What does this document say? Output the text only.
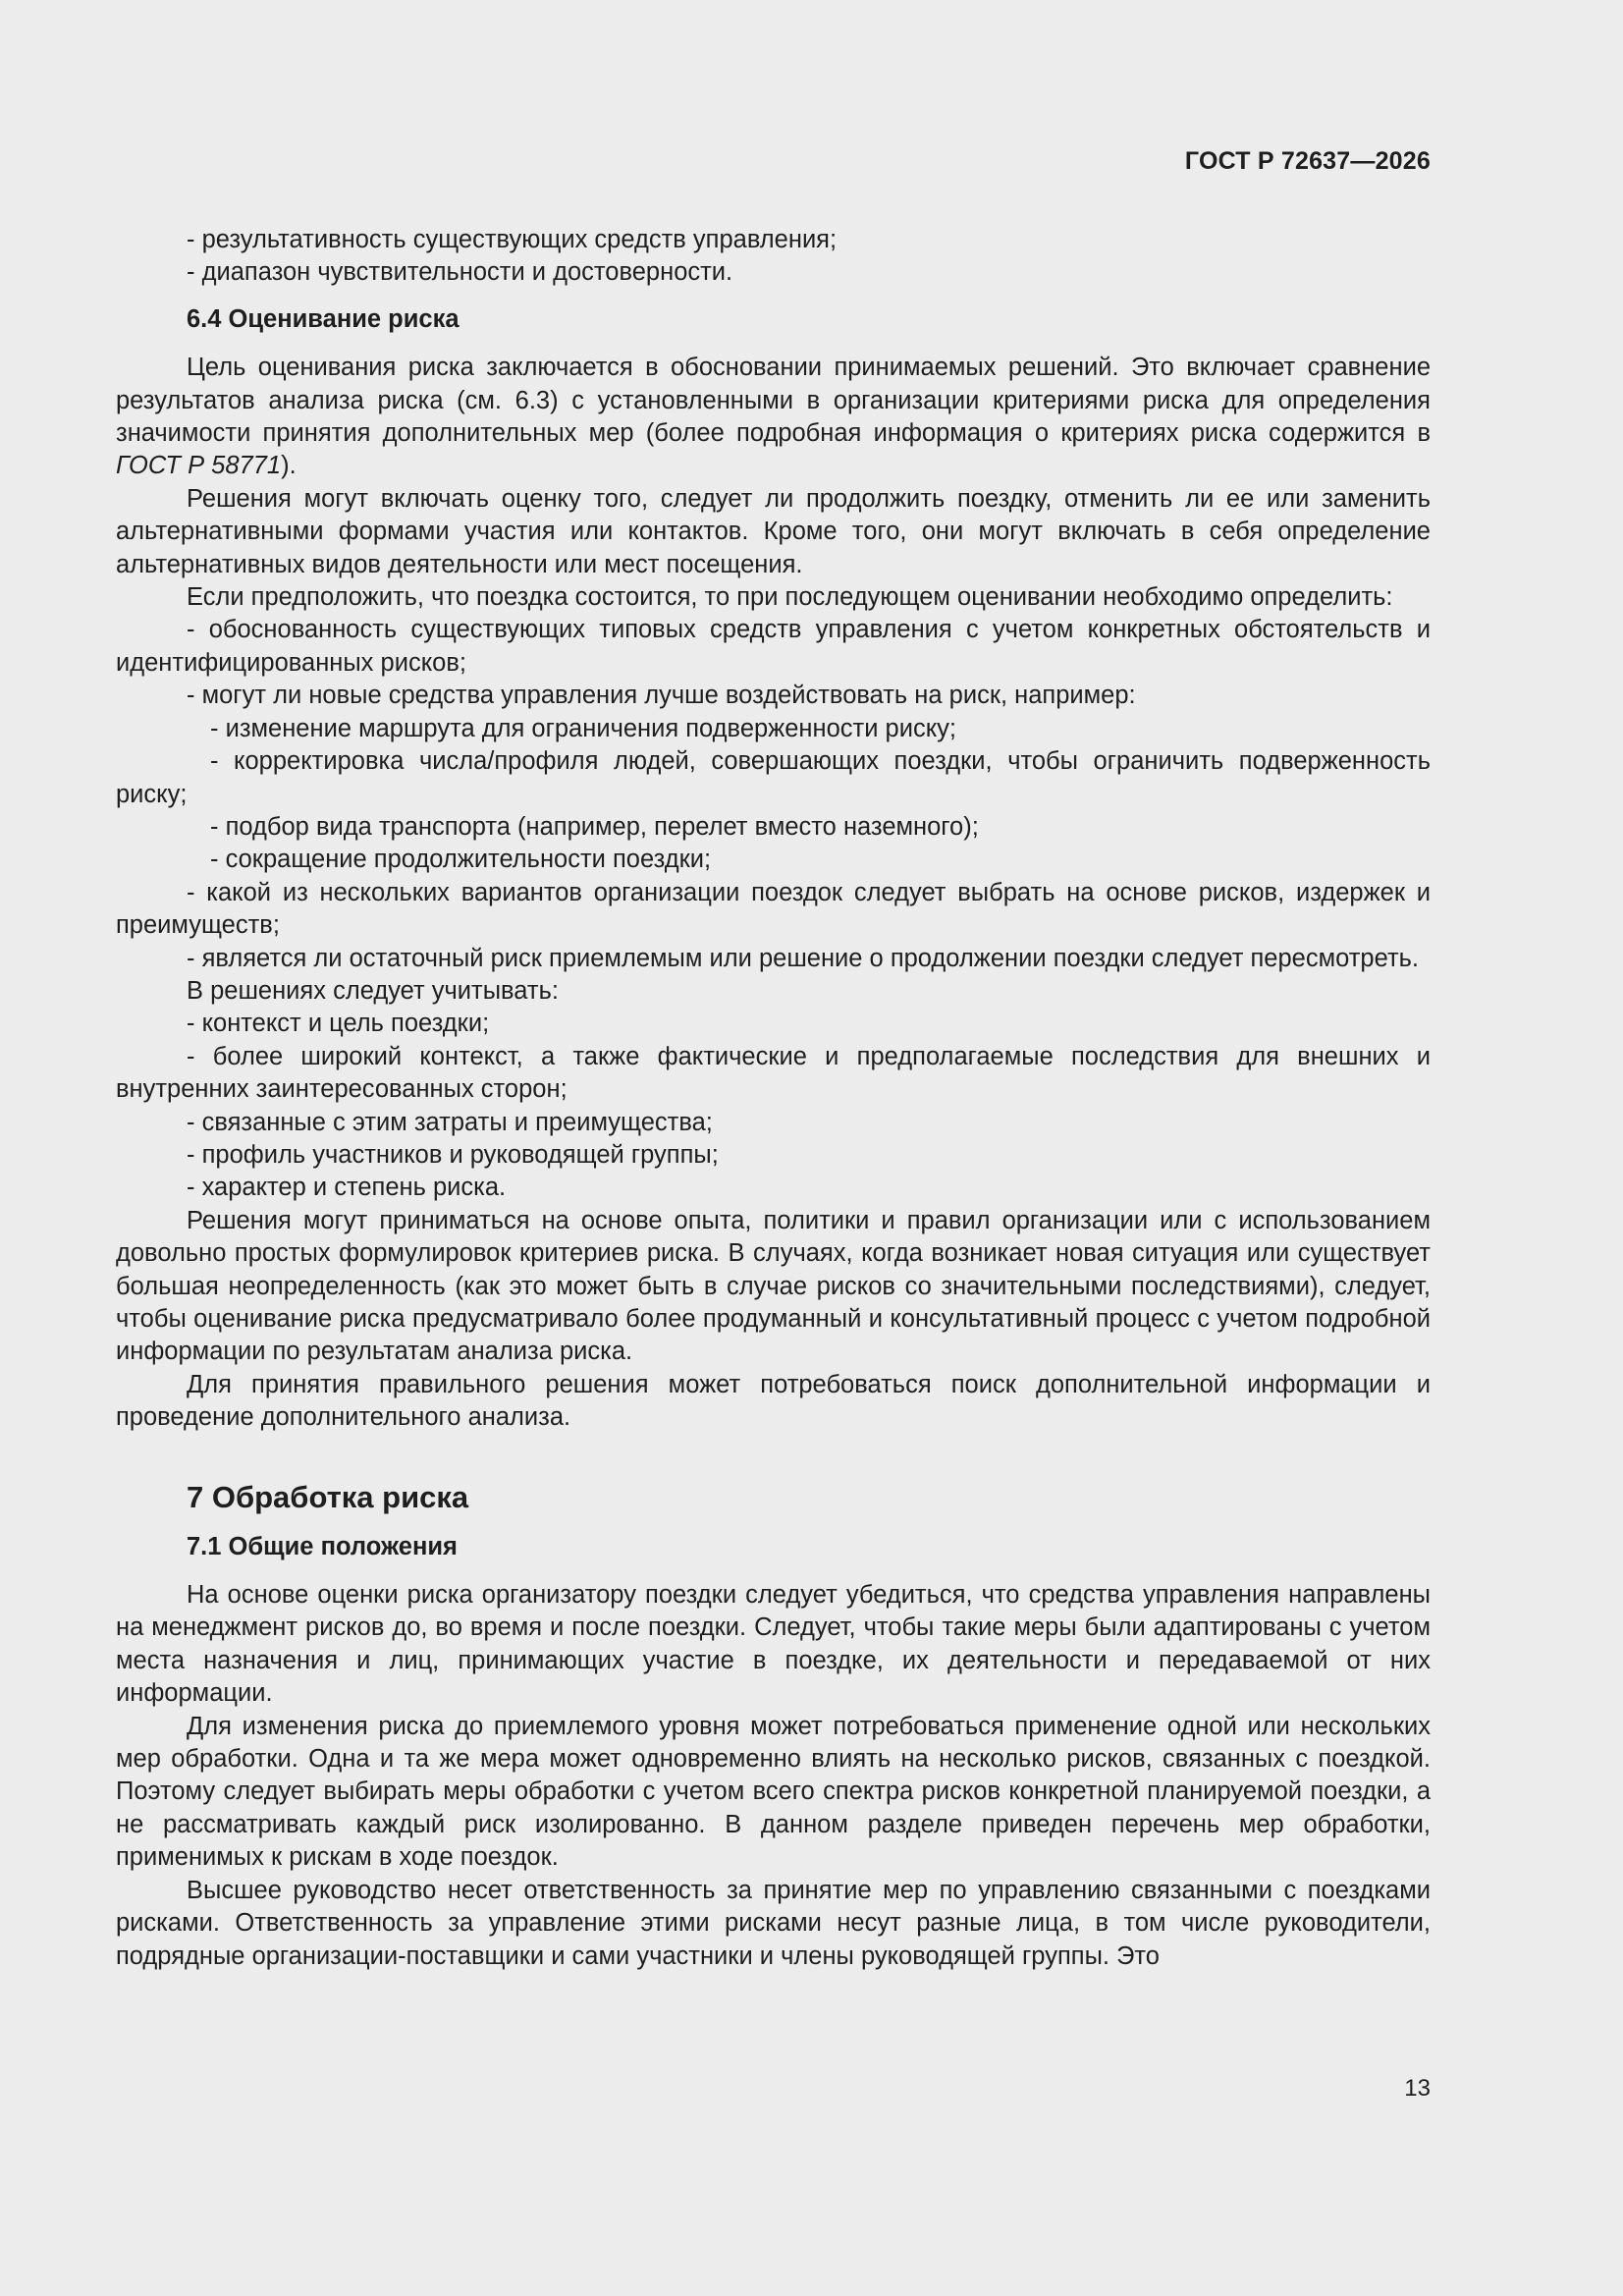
ГОСТ Р 72637—2026

- результативность существующих средств управления;

- диапазон чувствительности и достоверности.

6.4 Оценивание риска

Цель оценивания риска заключается в обосновании принимаемых решений. Это включает сравнение результатов анализа риска (см. 6.3) с установленными в организации критериями риска для определения значимости принятия дополнительных мер (более подробная информация о критериях риска содержится в ГОСТ Р 58771).

Решения могут включать оценку того, следует ли продолжить поездку, отменить ли ее или заменить альтернативными формами участия или контактов. Кроме того, они могут включать в себя определение альтернативных видов деятельности или мест посещения.

Если предположить, что поездка состоится, то при последующем оценивании необходимо определить:

- обоснованность существующих типовых средств управления с учетом конкретных обстоятельств и идентифицированных рисков;

- могут ли новые средства управления лучше воздействовать на риск, например:

- изменение маршрута для ограничения подверженности риску;

- корректировка числа/профиля людей, совершающих поездки, чтобы ограничить подверженность риску;

- подбор вида транспорта (например, перелет вместо наземного);

- сокращение продолжительности поездки;

- какой из нескольких вариантов организации поездок следует выбрать на основе рисков, издержек и преимуществ;

- является ли остаточный риск приемлемым или решение о продолжении поездки следует пересмотреть.

В решениях следует учитывать:

- контекст и цель поездки;

- более широкий контекст, а также фактические и предполагаемые последствия для внешних и внутренних заинтересованных сторон;

- связанные с этим затраты и преимущества;

- профиль участников и руководящей группы;

- характер и степень риска.

Решения могут приниматься на основе опыта, политики и правил организации или с использованием довольно простых формулировок критериев риска. В случаях, когда возникает новая ситуация или существует большая неопределенность (как это может быть в случае рисков со значительными последствиями), следует, чтобы оценивание риска предусматривало более продуманный и консультативный процесс с учетом подробной информации по результатам анализа риска.

Для принятия правильного решения может потребоваться поиск дополнительной информации и проведение дополнительного анализа.

7 Обработка риска

7.1 Общие положения

На основе оценки риска организатору поездки следует убедиться, что средства управления направлены на менеджмент рисков до, во время и после поездки. Следует, чтобы такие меры были адаптированы с учетом места назначения и лиц, принимающих участие в поездке, их деятельности и передаваемой от них информации.

Для изменения риска до приемлемого уровня может потребоваться применение одной или нескольких мер обработки. Одна и та же мера может одновременно влиять на несколько рисков, связанных с поездкой. Поэтому следует выбирать меры обработки с учетом всего спектра рисков конкретной планируемой поездки, а не рассматривать каждый риск изолированно. В данном разделе приведен перечень мер обработки, применимых к рискам в ходе поездок.

Высшее руководство несет ответственность за принятие мер по управлению связанными с поездками рисками. Ответственность за управление этими рисками несут разные лица, в том числе руководители, подрядные организации-поставщики и сами участники и члены руководящей группы. Это

13
